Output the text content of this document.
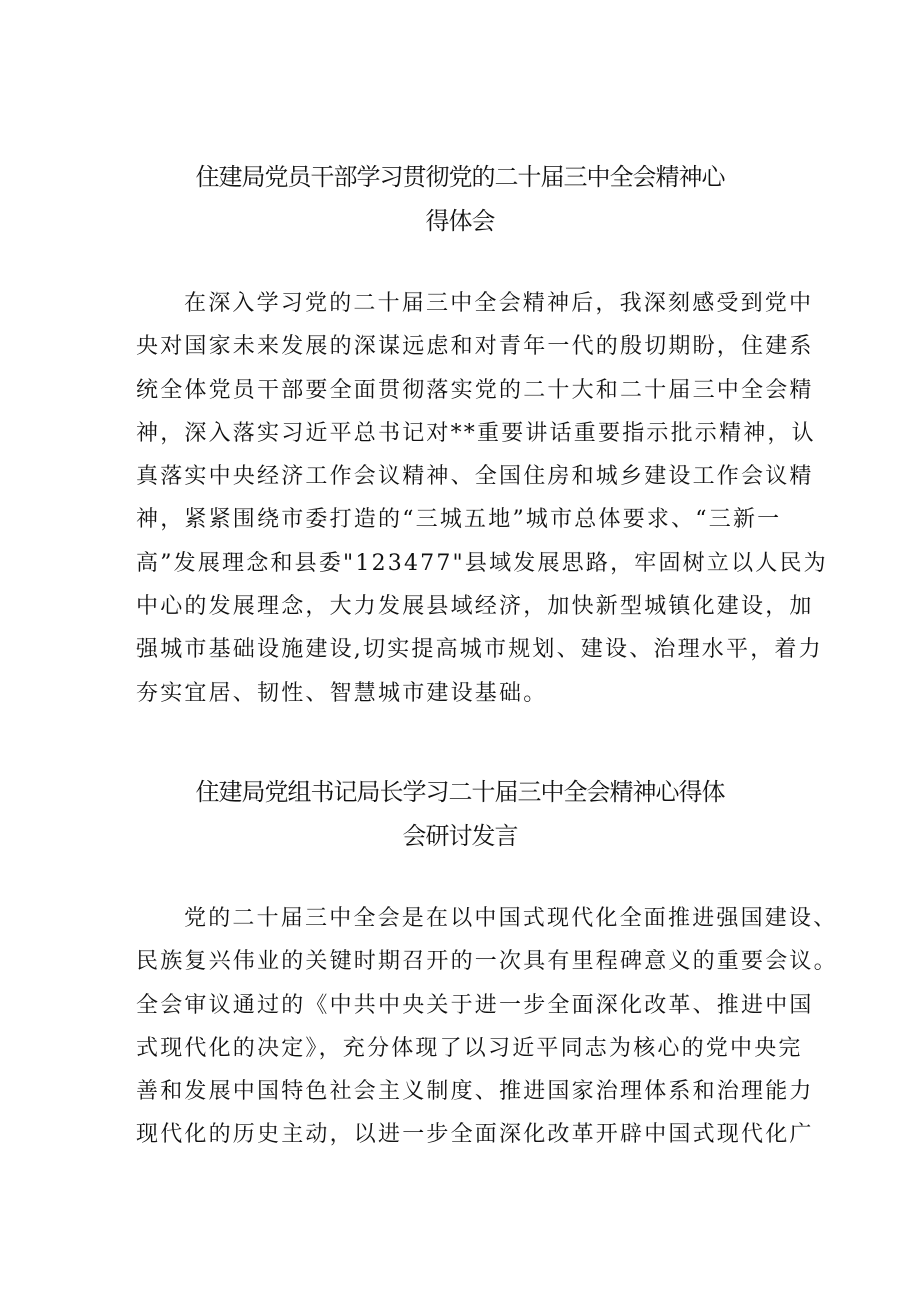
住建局党员干部学习贯彻党的二十届三中全会精神心
得体会
在深入学习党的二十届三中全会精神后，我深刻感受到党中
央对国家未来发展的深谋远虑和对青年一代的殷切期盼，住建系
统全体党员干部要全面贯彻落实党的二十大和二十届三中全会精
神，深入落实习近平总书记对**重要讲话重要指示批示精神，认
真落实中央经济工作会议精神、全国住房和城乡建设工作会议精
神，紧紧围绕市委打造的“三城五地”城市总体要求、“三新一
高”发展理念和县委"123477"县域发展思路，牢固树立以人民为
中心的发展理念，大力发展县域经济，加快新型城镇化建设，加
强城市基础设施建设,切实提高城市规划、建设、治理水平，着力
夯实宜居、韧性、智慧城市建设基础。
住建局党组书记局长学习二十届三中全会精神心得体
会研讨发言
党的二十届三中全会是在以中国式现代化全面推进强国建设、
民族复兴伟业的关键时期召开的一次具有里程碑意义的重要会议。
全会审议通过的《中共中央关于进一步全面深化改革、推进中国
式现代化的决定》，充分体现了以习近平同志为核心的党中央完
善和发展中国特色社会主义制度、推进国家治理体系和治理能力
现代化的历史主动，以进一步全面深化改革开辟中国式现代化广
